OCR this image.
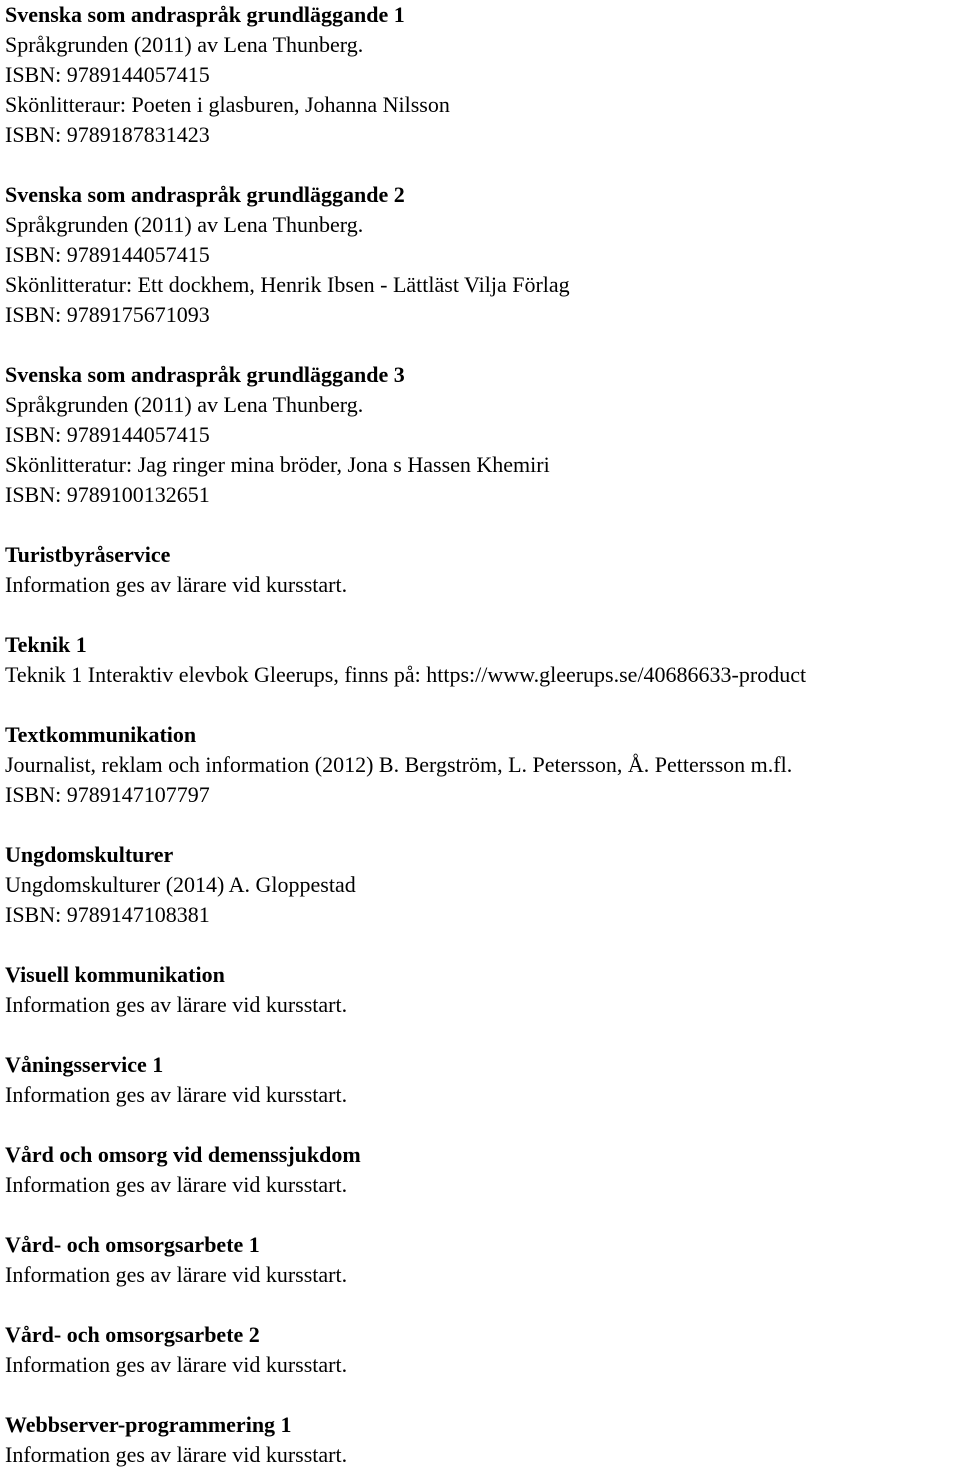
Svenska som andraspråk grundläggande 1
Språkgrunden (2011) av Lena Thunberg.
ISBN: 9789144057415
Skönlitteraur: Poeten i glasburen, Johanna Nilsson
ISBN: 9789187831423
Svenska som andraspråk grundläggande 2
Språkgrunden (2011) av Lena Thunberg.
ISBN: 9789144057415
Skönlitteratur: Ett dockhem, Henrik Ibsen - Lättläst Vilja Förlag
ISBN: 9789175671093
Svenska som andraspråk grundläggande 3
Språkgrunden (2011) av Lena Thunberg.
ISBN: 9789144057415
Skönlitteratur: Jag ringer mina bröder, Jona s Hassen Khemiri
ISBN: 9789100132651
Turistbyråservice
Information ges av lärare vid kursstart.
Teknik 1
Teknik 1 Interaktiv elevbok Gleerups, finns på: https://www.gleerups.se/40686633-product
Textkommunikation
Journalist, reklam och information (2012) B. Bergström, L. Petersson, Å. Pettersson m.fl.
ISBN: 9789147107797
Ungdomskulturer
Ungdomskulturer (2014) A. Gloppestad
ISBN: 9789147108381
Visuell kommunikation
Information ges av lärare vid kursstart.
Våningsservice 1
Information ges av lärare vid kursstart.
Vård och omsorg vid demenssjukdom
Information ges av lärare vid kursstart.
Vård- och omsorgsarbete 1
Information ges av lärare vid kursstart.
Vård- och omsorgsarbete 2
Information ges av lärare vid kursstart.
Webbserver-programmering 1
Information ges av lärare vid kursstart.
